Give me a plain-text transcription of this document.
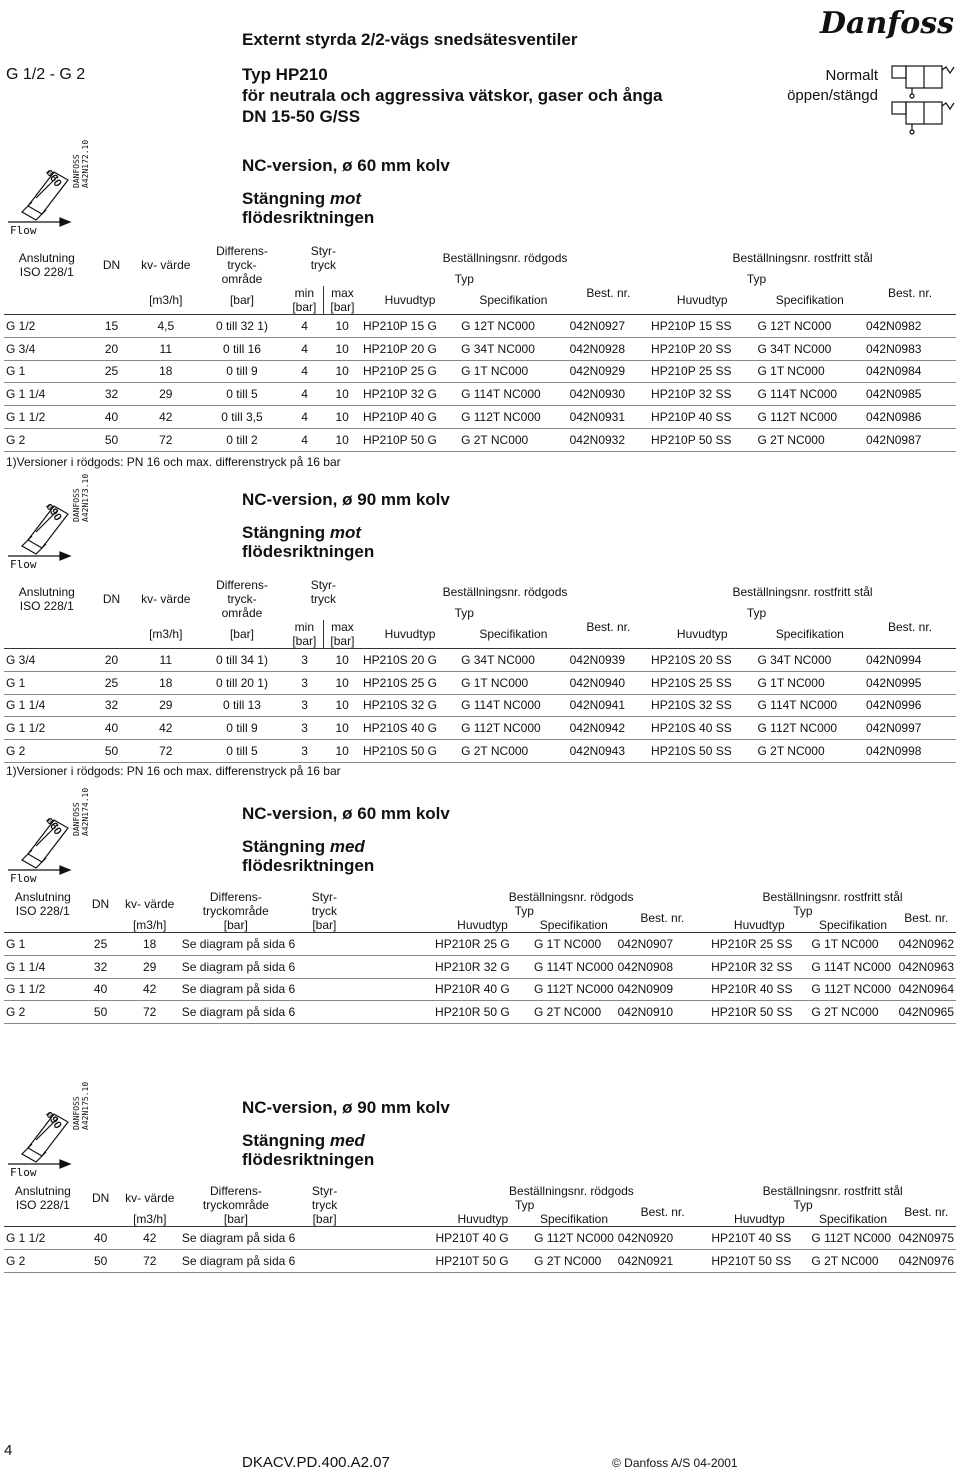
Externt styrda 2/2-vägs snedsätesventiler
G 1/2 - G 2	Typ HP210
för neutrala och aggressiva vätskor, gaser och ånga
DN 15-50 G/SS
Danfoss
Normalt
öppen/stängd
NC-version, ø 60 mm kolv
Stängning mot
flödesriktningen
ø60 DANFOSS A42N172.10
Flow
Anslutning
ISO 228/1	DN	kv- värde	Differens-
tryck-
område	Styr-
tryck		Beställningsnr. rödgods			Beställningsnr. rostfritt stål		
						Typ		Best. nr.	Typ		Best. nr.
		[m3/h]	[bar]	min
[bar]	max
[bar]	Huvudtyp	Specifikation		Huvudtyp	Specifikation	
G 1/2	15	4,5	0 till 32 1)	4	10	HP210P 15 G	G 12T NC000	042N0927	HP210P 15 SS	G 12T NC000	042N0982
G 3/4	20	11	0 till 16	4	10	HP210P 20 G	G 34T NC000	042N0928	HP210P 20 SS	G 34T NC000	042N0983
G 1	25	18	0 till 9	4	10	HP210P 25 G	G 1T NC000	042N0929	HP210P 25 SS	G 1T NC000	042N0984
G 1 1/4	32	29	0 till 5	4	10	HP210P 32 G	G 114T NC000	042N0930	HP210P 32 SS	G 114T NC000	042N0985
G 1 1/2	40	42	0 till 3,5	4	10	HP210P 40 G	G 112T NC000	042N0931	HP210P 40 SS	G 112T NC000	042N0986
G 2	50	72	0 till 2	4	10	HP210P 50 G	G 2T NC000	042N0932	HP210P 50 SS	G 2T NC000	042N0987
1)Versioner i rödgods: PN 16 och max. differenstryck på 16 bar
NC-version, ø 90 mm kolv
Stängning mot
flödesriktningen
ø90 DANFOSS A42N173.10
Flow
Anslutning
ISO 228/1	DN	kv- värde	Differens-
tryck-
område	Styr-
tryck		Beställningsnr. rödgods			Beställningsnr. rostfritt stål		
						Typ		Best. nr.	Typ		Best. nr.
		[m3/h]	[bar]	min
[bar]	max
[bar]	Huvudtyp	Specifikation		Huvudtyp	Specifikation	
G 3/4	20	11	0 till 34 1)	3	10	HP210S 20 G	G 34T NC000	042N0939	HP210S 20 SS	G 34T NC000	042N0994
G 1	25	18	0 till 20 1)	3	10	HP210S 25 G	G 1T NC000	042N0940	HP210S 25 SS	G 1T NC000	042N0995
G 1 1/4	32	29	0 till 13	3	10	HP210S 32 G	G 114T NC000	042N0941	HP210S 32 SS	G 114T NC000	042N0996
G 1 1/2	40	42	0 till 9	3	10	HP210S 40 G	G 112T NC000	042N0942	HP210S 40 SS	G 112T NC000	042N0997
G 2	50	72	0 till 5	3	10	HP210S 50 G	G 2T NC000	042N0943	HP210S 50 SS	G 2T NC000	042N0998
1)Versioner i rödgods: PN 16 och max. differenstryck på 16 bar
NC-version, ø 60 mm kolv
Stängning med
flödesriktningen
ø60 DANFOSS A42N174.10
Flow
Anslutning
ISO 228/1	DN	kv- värde	Differens-tryckområde	Styr-
tryck		Beställningsnr. rödgods			Beställningsnr. rostfritt stål		
						Typ		Best. nr.	Typ		Best. nr.
		[m3/h]	[bar]	[bar]		Huvudtyp	Specifikation		Huvudtyp	Specifikation	
G 1	25	18	Se diagram på sida 6			HP210R 25 G	G 1T NC000	042N0907	HP210R 25 SS	G 1T NC000	042N0962
G 1 1/4	32	29	Se diagram på sida 6			HP210R 32 G	G 114T NC000	042N0908	HP210R 32 SS	G 114T NC000	042N0963
G 1 1/2	40	42	Se diagram på sida 6			HP210R 40 G	G 112T NC000	042N0909	HP210R 40 SS	G 112T NC000	042N0964
G 2	50	72	Se diagram på sida 6			HP210R 50 G	G 2T NC000	042N0910	HP210R 50 SS	G 2T NC000	042N0965
NC-version, ø 90 mm kolv
Stängning med
flödesriktningen
ø90 DANFOSS A42N175.10
Flow
Anslutning
ISO 228/1	DN	kv- värde	Differens-tryckområde	Styr-
tryck		Beställningsnr. rödgods			Beställningsnr. rostfritt stål		
						Typ		Best. nr.	Typ		Best. nr.
		[m3/h]	[bar]	[bar]		Huvudtyp	Specifikation		Huvudtyp	Specifikation	
G 1 1/2	40	42	Se diagram på sida 6			HP210T 40 G	G 112T NC000	042N0920	HP210T 40 SS	G 112T NC000	042N0975
G 2	50	72	Se diagram på sida 6			HP210T 50 G	G 2T NC000	042N0921	HP210T 50 SS	G 2T NC000	042N0976
4
DKACV.PD.400.A2.07	© Danfoss A/S 04-2001
